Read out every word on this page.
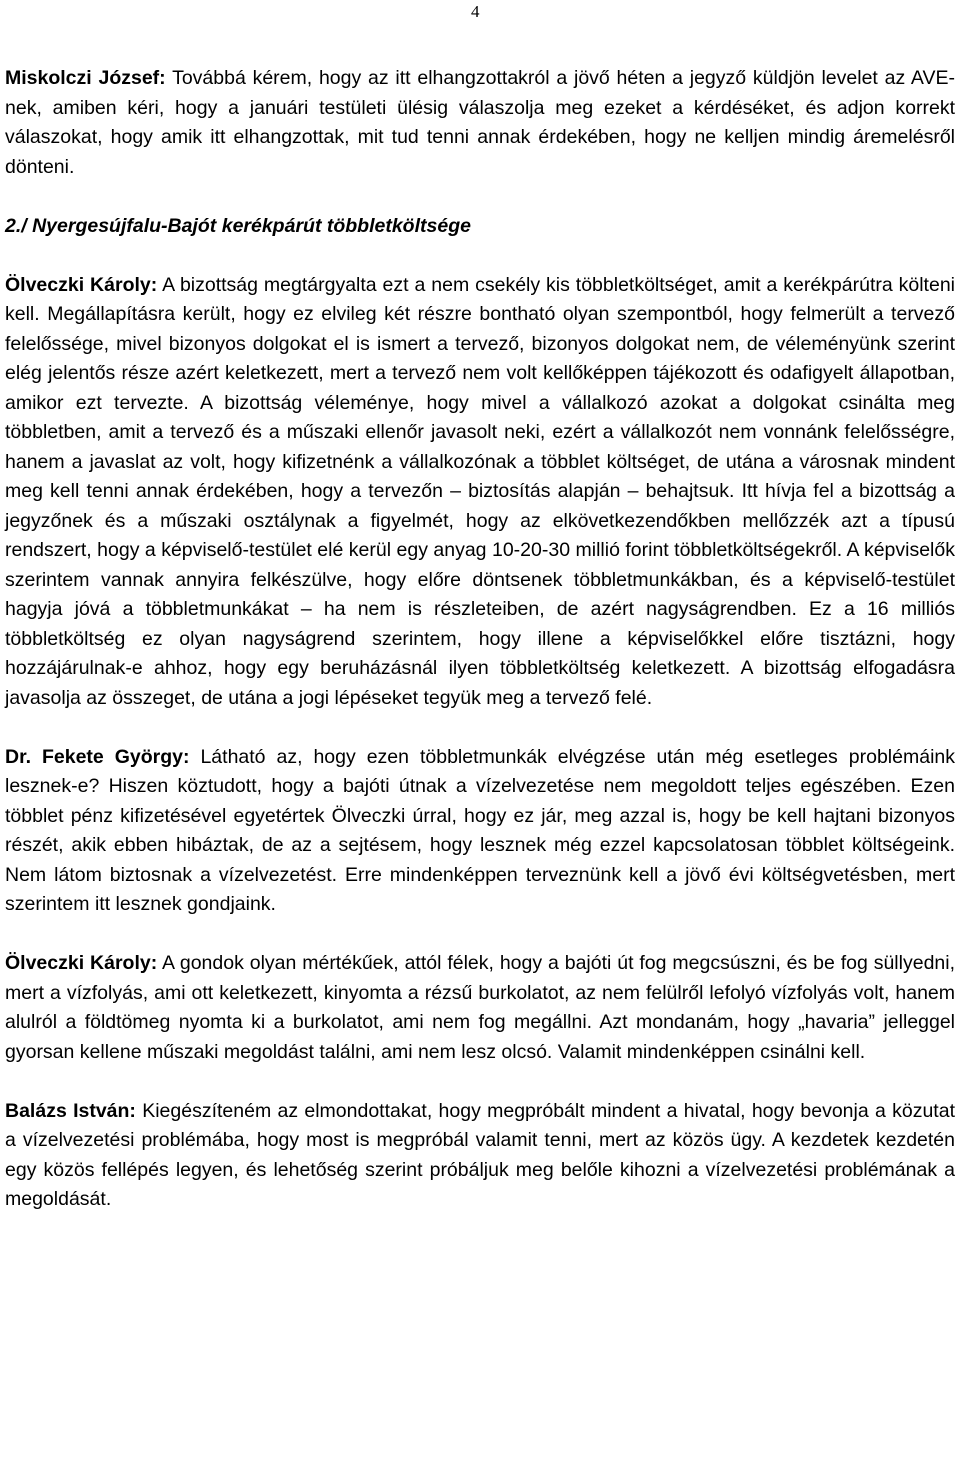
4

Miskolczi József: Továbbá kérem, hogy az itt elhangzottakról a jövő héten a jegyző küldjön levelet az AVE-nek, amiben kéri, hogy a januári testületi ülésig válaszolja meg ezeket a kérdéséket, és adjon korrekt válaszokat, hogy amik itt elhangzottak, mit tud tenni annak érdekében, hogy ne kelljen mindig áremelésről dönteni.

2./ Nyergesújfalu-Bajót kerékpárút többletköltsége

Ölveczki Károly: A bizottság megtárgyalta ezt a nem csekély kis többletköltséget, amit a kerékpárútra költeni kell. Megállapításra került, hogy ez elvileg két részre bontható olyan szempontból, hogy felmerült a tervező felelőssége, mivel bizonyos dolgokat el is ismert a tervező, bizonyos dolgokat nem, de véleményünk szerint elég jelentős része azért keletkezett, mert a tervező nem volt kellőképpen tájékozott és odafigyelt állapotban, amikor ezt tervezte. A bizottság véleménye, hogy mivel a vállalkozó azokat a dolgokat csinálta meg többletben, amit a tervező és a műszaki ellenőr javasolt neki, ezért a vállalkozót nem vonnánk felelősségre, hanem a javaslat az volt, hogy kifizetnénk a vállalkozónak a többlet költséget, de utána a városnak mindent meg kell tenni annak érdekében, hogy a tervezőn – biztosítás alapján – behajtsuk. Itt hívja fel a bizottság a jegyzőnek és a műszaki osztálynak a figyelmét, hogy az elkövetkezendőkben mellőzzék azt a típusú rendszert, hogy a képviselő-testület elé kerül egy anyag 10-20-30 millió forint többletköltségekről. A képviselők szerintem vannak annyira felkészülve, hogy előre döntsenek többletmunkákban, és a képviselő-testület hagyja jóvá a többletmunkákat – ha nem is részleteiben, de azért nagyságrendben. Ez a 16 milliós többletköltség ez olyan nagyságrend szerintem, hogy illene a képviselőkkel előre tisztázni, hogy hozzájárulnak-e ahhoz, hogy egy beruházásnál ilyen többletköltség keletkezett. A bizottság elfogadásra javasolja az összeget, de utána a jogi lépéseket tegyük meg a tervező felé.

Dr. Fekete György: Látható az, hogy ezen többletmunkák elvégzése után még esetleges problémáink lesznek-e? Hiszen köztudott, hogy a bajóti útnak a vízelvezetése nem megoldott teljes egészében. Ezen többlet pénz kifizetésével egyetértek Ölveczki úrral, hogy ez jár, meg azzal is, hogy be kell hajtani bizonyos részét, akik ebben hibáztak, de az a sejtésem, hogy lesznek még ezzel kapcsolatosan többlet költségeink. Nem látom biztosnak a vízelvezetést. Erre mindenképpen terveznünk kell a jövő évi költségvetésben, mert szerintem itt lesznek gondjaink.

Ölveczki Károly: A gondok olyan mértékűek, attól félek, hogy a bajóti út fog megcsúszni, és be fog süllyedni, mert a vízfolyás, ami ott keletkezett, kinyomta a rézsű burkolatot, az nem felülről lefolyó vízfolyás volt, hanem alulról a földtömeg nyomta ki a burkolatot, ami nem fog megállni. Azt mondanám, hogy „havaria” jelleggel gyorsan kellene műszaki megoldást találni, ami nem lesz olcsó. Valamit mindenképpen csinálni kell.

Balázs István: Kiegészíteném az elmondottakat, hogy megpróbált mindent a hivatal, hogy bevonja a közutat a vízelvezetési problémába, hogy most is megpróbál valamit tenni, mert az közös ügy. A kezdetek kezdetén egy közös fellépés legyen, és lehetőség szerint próbáljuk meg belőle kihozni a vízelvezetési problémának a megoldását.
